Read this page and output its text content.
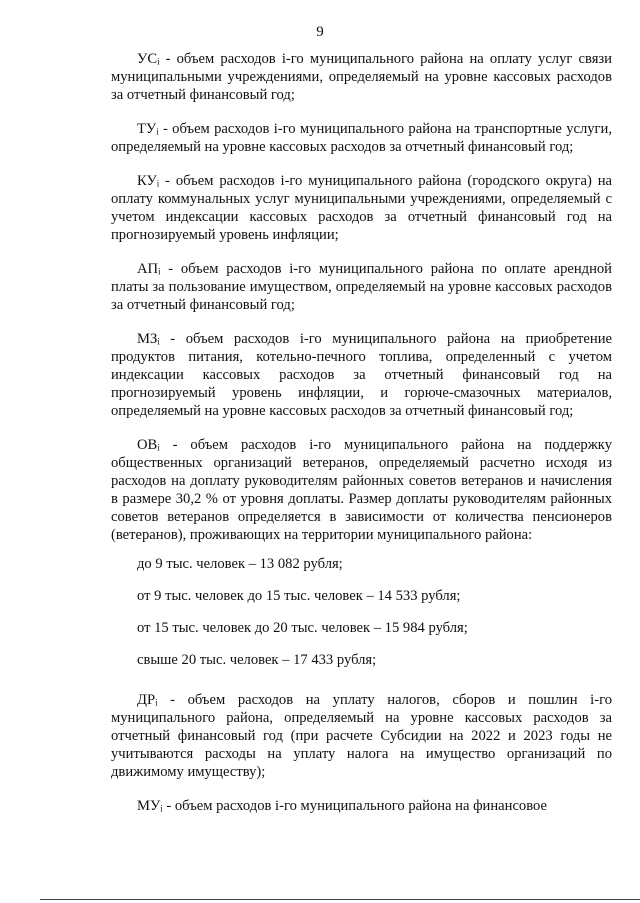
9

УСᵢ - объем расходов i-го муниципального района на оплату услуг связи муниципальными учреждениями, определяемый на уровне кассовых расходов за отчетный финансовый год;

ТУᵢ - объем расходов i-го муниципального района на транспортные услуги, определяемый на уровне кассовых расходов за отчетный финансовый год;

КУᵢ - объем расходов i-го муниципального района (городского округа) на оплату коммунальных услуг муниципальными учреждениями, определяемый с учетом индексации кассовых расходов за отчетный финансовый год на прогнозируемый уровень инфляции;

АПᵢ - объем расходов i-го муниципального района по оплате арендной платы за пользование имуществом, определяемый на уровне кассовых расходов за отчетный финансовый год;

МЗᵢ - объем расходов i-го муниципального района на приобретение продуктов питания, котельно-печного топлива, определенный с учетом индексации кассовых расходов за отчетный финансовый год на прогнозируемый уровень инфляции, и горюче-смазочных материалов, определяемый на уровне кассовых расходов за отчетный финансовый год;

ОВᵢ - объем расходов i-го муниципального района на поддержку общественных организаций ветеранов, определяемый расчетно исходя из расходов на доплату руководителям районных советов ветеранов и начисления в размере 30,2 % от уровня доплаты. Размер доплаты руководителям районных советов ветеранов определяется в зависимости от количества пенсионеров (ветеранов), проживающих на территории муниципального района:

до 9 тыс. человек – 13 082 рубля;

от 9 тыс. человек до 15 тыс. человек – 14 533 рубля;

от 15 тыс. человек до 20 тыс. человек – 15 984 рубля;

свыше 20 тыс. человек – 17 433 рубля;

ДРᵢ - объем расходов на уплату налогов, сборов и пошлин i-го муниципального района, определяемый на уровне кассовых расходов за отчетный финансовый год (при расчете Субсидии на 2022 и 2023 годы не учитываются расходы на уплату налога на имущество организаций по движимому имуществу);

МУᵢ - объем расходов i-го муниципального района на финансовое
